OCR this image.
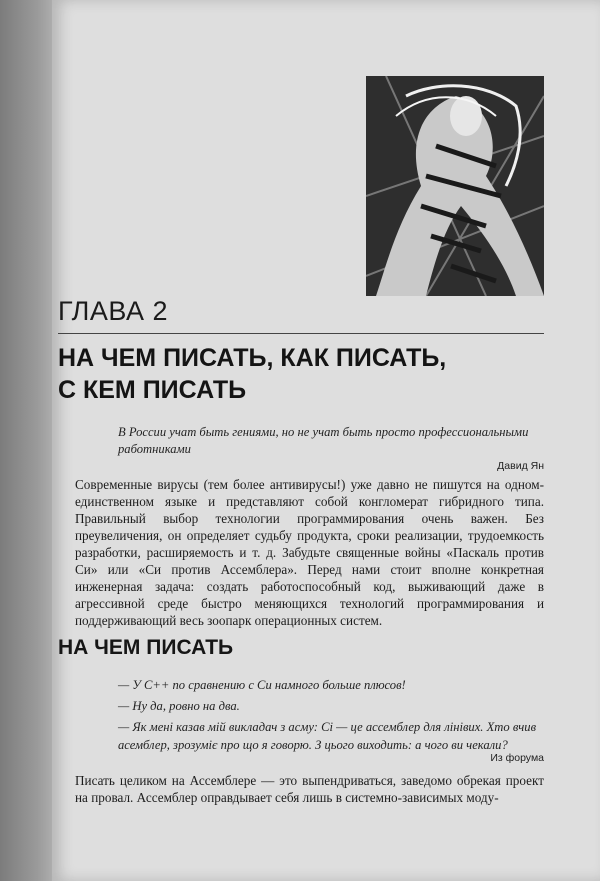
ГЛАВА 2
НА ЧЕМ ПИСАТЬ, КАК ПИСАТЬ,
С КЕМ ПИСАТЬ
В России учат быть гениями, но не учат быть просто профессиональными работниками
Давид Ян
Современные вирусы (тем более антивирусы!) уже давно не пишутся на одном-единственном языке и представляют собой конгломерат гибридного типа. Правильный выбор технологии программирования очень важен. Без преувеличения, он определяет судьбу продукта, сроки реализации, трудоемкость разработки, расширяемость и т. д. Забудьте священные войны «Паскаль против Си» или «Си против Ассемблера». Перед нами стоит вполне конкретная инженерная задача: создать работоспособный код, выживающий даже в агрессивной среде быстро меняющихся технологий программирования и поддерживающий весь зоопарк операционных систем.
НА ЧЕМ ПИСАТЬ
— У C++ по сравнению с Си намного больше плюсов!
— Ну да, ровно на два.
— Як мені казав мій викладач з асму: Сі — це ассемблер для лінівих. Хто вчив асемблер, зрозуміє про що я говорю. З цього виходить: а чого ви чекали?
Из форума
Писать целиком на Ассемблере — это выпендриваться, заведомо обрекая проект на провал. Ассемблер оправдывает себя лишь в системно-зависимых моду-
